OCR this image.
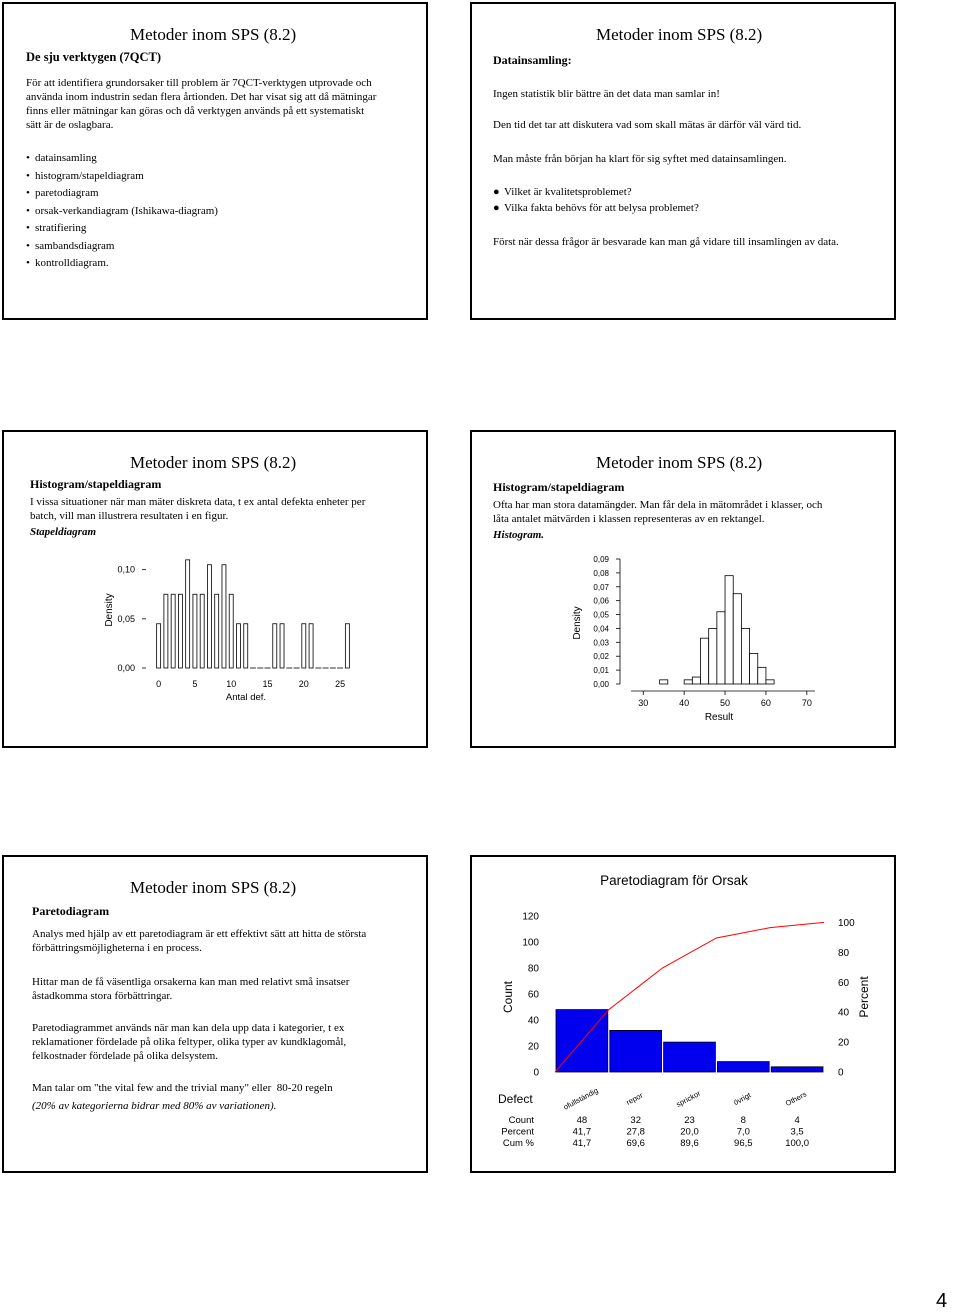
Metoder inom SPS (8.2)
De sju verktygen (7QCT)
För att identifiera grundorsaker till problem är 7QCT-verktygen utprovade och
använda inom industrin sedan flera årtionden. Det har visat sig att då mätningar
finns eller mätningar kan göras och då verktygen används på ett systematiskt
sätt är de oslagbara.
• datainsamling
• histogram/stapeldiagram
• paretodiagram
• orsak-verkandiagram (Ishikawa-diagram)
• stratifiering
• sambandsdiagram
• kontrolldiagram.
Metoder inom SPS (8.2)
Datainsamling:
Ingen statistik blir bättre än det data man samlar in!
Den tid det tar att diskutera vad som skall mätas är därför väl värd tid.
Man måste från början ha klart för sig syftet med datainsamlingen.
● Vilket är kvalitetsproblemet?
● Vilka fakta behövs för att belysa problemet?
Först när dessa frågor är besvarade kan man gå vidare till insamlingen av data.
Metoder inom SPS (8.2)
Histogram/stapeldiagram
I vissa situationer när man mäter diskreta data, t ex antal defekta enheter per
batch, vill man illustrera resultaten i en figur.
Stapeldiagram
Density
0,00
0,05
0,10
0	5	10	15	20	25
Antal def.
Metoder inom SPS (8.2)
Histogram/stapeldiagram
Ofta har man stora datamängder. Man får dela in mätområdet i klasser, och
låta antalet mätvärden i klassen representeras av en rektangel.
Histogram.
Density
0,00
0,01
0,02
0,03
0,04
0,05
0,06
0,07
0,08
0,09
30	40	50	60	70
Result
Metoder inom SPS (8.2)
Paretodiagram
Analys med hjälp av ett paretodiagram är ett effektivt sätt att hitta de största
förbättringsmöjligheterna i en process.
Hittar man de få väsentliga orsakerna kan man med relativt små insatser
åstadkomma stora förbättringar.
Paretodiagrammet används när man kan dela upp data i kategorier, t ex
reklamationer fördelade på olika feltyper, olika typer av kundklagomål,
felkostnader fördelade på olika delsystem.
Man talar om "the vital few and the trivial many" eller  80-20 regeln
(20% av kategorierna bidrar med 80% av variationen).
Paretodiagram för Orsak
Count	Percent
0
20
40
60
80
100
120
0
20
40
60
80
100
ofullständig	repor	sprickor	övrigt	Others
Defect
Count	48	32	23	8	4
Percent	41,7	27,8	20,0	7,0	3,5
Cum %	41,7	69,6	89,6	96,5	100,0
4
